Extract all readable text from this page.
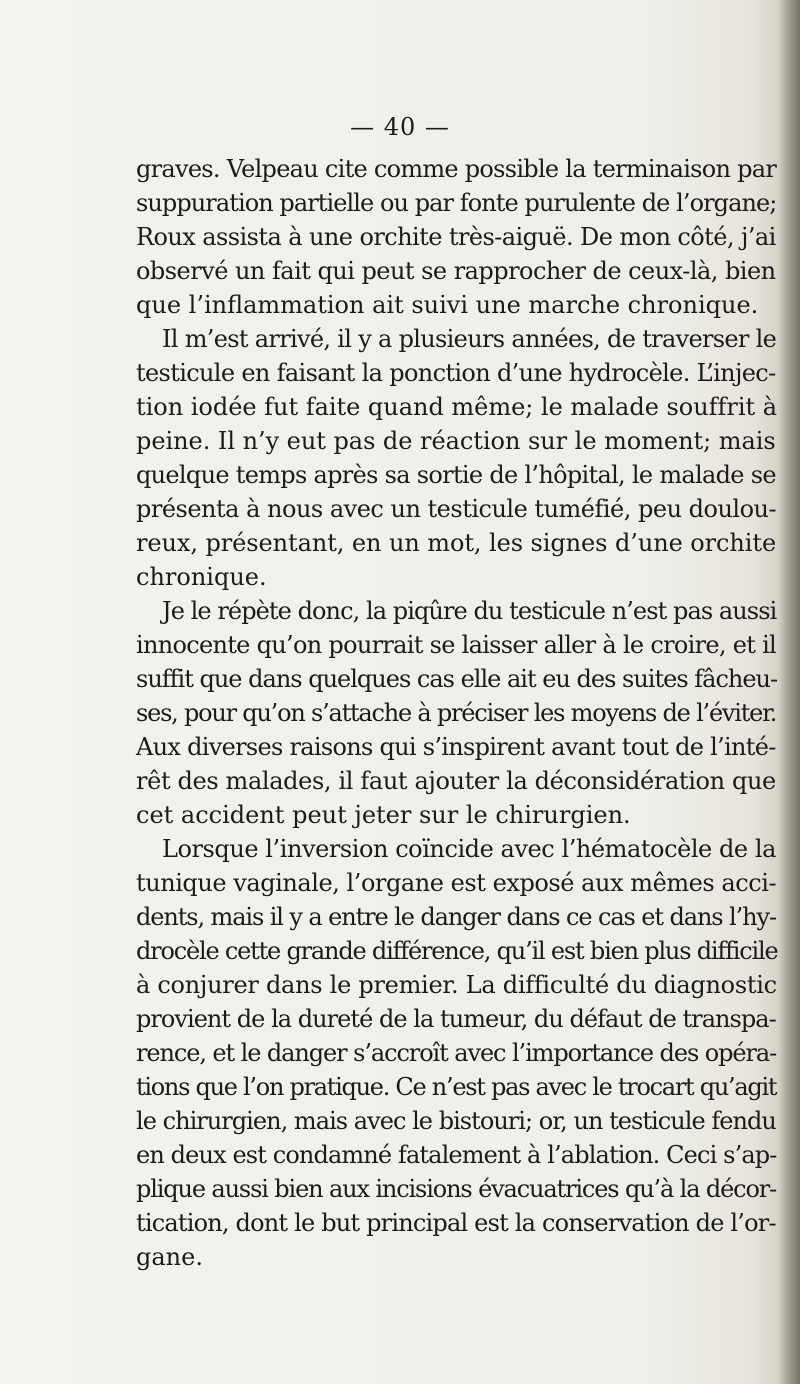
— 40 —
graves. Velpeau cite comme possible la terminaison par
suppuration partielle ou par fonte purulente de l’organe;
Roux assista à une orchite très-aiguë. De mon côté, j’ai
observé un fait qui peut se rapprocher de ceux-là, bien
que l’inflammation ait suivi une marche chronique.
Il m’est arrivé, il y a plusieurs années, de traverser le
testicule en faisant la ponction d’une hydrocèle. L’injec-
tion iodée fut faite quand même; le malade souffrit à
peine. Il n’y eut pas de réaction sur le moment; mais
quelque temps après sa sortie de l’hôpital, le malade se
présenta à nous avec un testicule tuméfié, peu doulou-
reux, présentant, en un mot, les signes d’une orchite
chronique.
Je le répète donc, la piqûre du testicule n’est pas aussi
innocente qu’on pourrait se laisser aller à le croire, et il
suffit que dans quelques cas elle ait eu des suites fâcheu-
ses, pour qu’on s’attache à préciser les moyens de l’éviter.
Aux diverses raisons qui s’inspirent avant tout de l’inté-
rêt des malades, il faut ajouter la déconsidération que
cet accident peut jeter sur le chirurgien.
Lorsque l’inversion coïncide avec l’hématocèle de la
tunique vaginale, l’organe est exposé aux mêmes acci-
dents, mais il y a entre le danger dans ce cas et dans l’hy-
drocèle cette grande différence, qu’il est bien plus difficile
à conjurer dans le premier. La difficulté du diagnostic
provient de la dureté de la tumeur, du défaut de transpa-
rence, et le danger s’accroît avec l’importance des opéra-
tions que l’on pratique. Ce n’est pas avec le trocart qu’agit
le chirurgien, mais avec le bistouri; or, un testicule fendu
en deux est condamné fatalement à l’ablation. Ceci s’ap-
plique aussi bien aux incisions évacuatrices qu’à la décor-
tication, dont le but principal est la conservation de l’or-
gane.
